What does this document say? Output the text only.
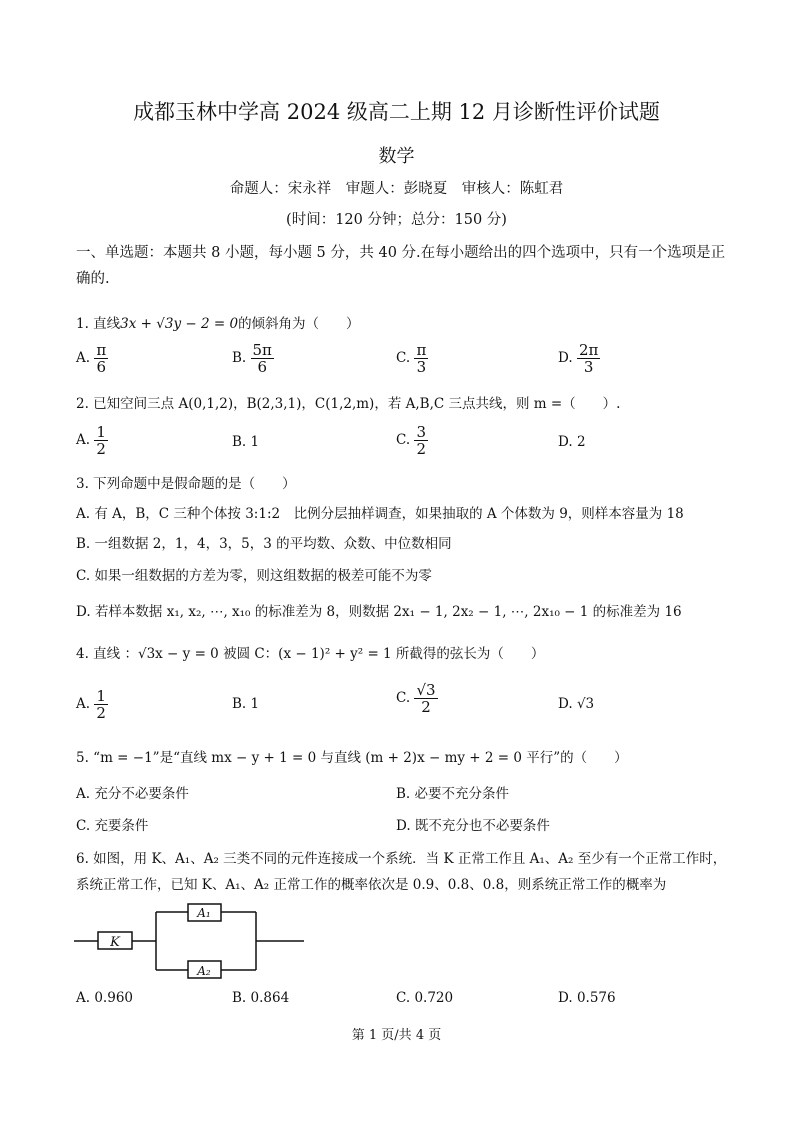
成都玉林中学高 2024 级高二上期 12 月诊断性评价试题
数学
命题人：宋永祥　审题人：彭晓夏　审核人：陈虹君
(时间：120 分钟；总分：150 分)
一、单选题：本题共 8 小题，每小题 5 分，共 40 分.在每小题给出的四个选项中，只有一个选项是正确的.
1. 直线3x + √3y − 2 = 0的倾斜角为（　　）
A. $\frac{\pi}{6}$	B. $\frac{5\pi}{6}$	C. $\frac{\pi}{3}$	D. $\frac{2\pi}{3}$
2. 已知空间三点 A(0,1,2)，B(2,3,1)，C(1,2,m)，若 A,B,C 三点共线，则 m =（　　）.
A. $\frac{1}{2}$	B. 1	C. $\frac{3}{2}$	D. 2
3. 下列命题中是假命题的是（　　）
A. 有 A，B，C 三种个体按 3:1:2　比例分层抽样调查，如果抽取的 A 个体数为 9，则样本容量为 18
B. 一组数据 2，1，4，3，5，3 的平均数、众数、中位数相同
C. 如果一组数据的方差为零，则这组数据的极差可能不为零
D. 若样本数据 x₁, x₂, ⋯, x₁₀ 的标准差为 8，则数据 2x₁ − 1, 2x₂ − 1, ⋯, 2x₁₀ − 1 的标准差为 16
4. 直线 ：√3x − y = 0 被圆 C：(x − 1)² + y² = 1 所截得的弦长为（　　）
A. $\frac{1}{2}$	B. 1	C. $\frac{√3}{2}$	D. √3
5. “m = −1”是“直线 mx − y + 1 = 0 与直线 (m + 2)x − my + 2 = 0 平行”的（　　）
A. 充分不必要条件	B. 必要不充分条件
C. 充要条件	D. 既不充分也不必要条件
6. 如图，用 K、A₁、A₂ 三类不同的元件连接成一个系统．当 K 正常工作且 A₁、A₂ 至少有一个正常工作时，系统正常工作，已知 K、A₁、A₂ 正常工作的概率依次是 0.9、0.8、0.8，则系统正常工作的概率为
K
A₁
A₂
A. 0.960	B. 0.864	C. 0.720	D. 0.576
第 1 页/共 4 页
